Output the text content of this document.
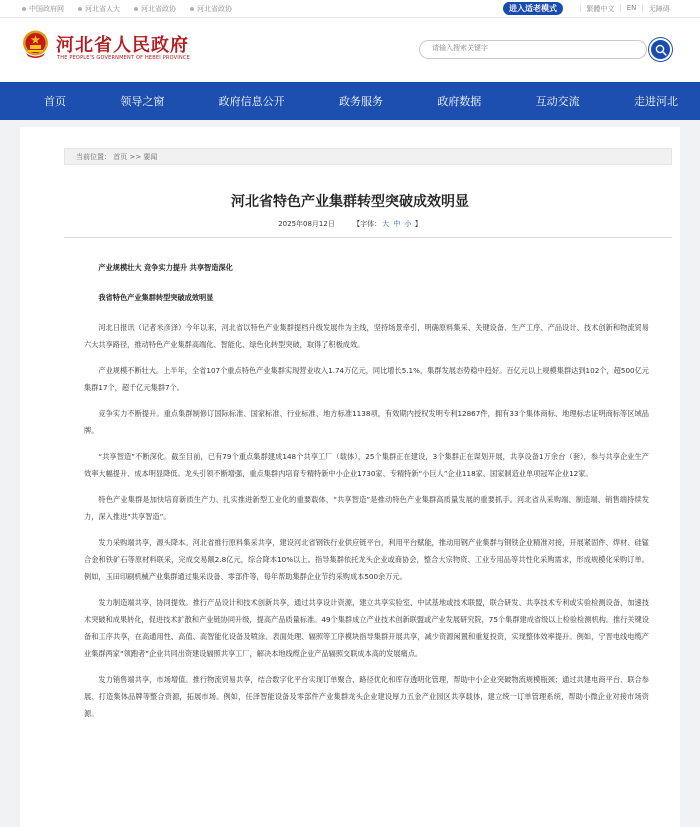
中国政府网	河北省人大	河北省政协	河北省政协	进入适老模式	| 繁體中文 | EN | 无障碍
河北省人民政府
THE PEOPLE'S GOVERNMENT OF HEBEI PROVINCE
请输入搜索关键字
首页	领导之窗	政府信息公开	政务服务	政府数据	互动交流	走进河北
当前位置： 首页 >> 要闻
河北省特色产业集群转型突破成效明显
2025年08月12日	【字体：大 中 小 】

产业规模壮大 竞争实力提升 共享智造深化

我省特色产业集群转型突破成效明显

河北日报讯（记者米彦泽）今年以来，河北省以特色产业集群提档升级发展作为主线，坚持场景牵引，明确原料集采、关键设备、生产工序、产品设计、技术创新和物流贸易六大共享路径，推动特色产业集群高端化、智能化、绿色化转型突破，取得了积极成效。

产业规模不断壮大。上半年，全省107个重点特色产业集群实现营业收入1.74万亿元，同比增长5.1%，集群发展态势稳中趋好。百亿元以上规模集群达到102个，超500亿元集群17个，超千亿元集群7个。

竞争实力不断提升。重点集群制修订国际标准、国家标准、行业标准、地方标准1138项，有效期内授权发明专利12867件，拥有33个集体商标、地理标志证明商标等区域品牌。

“共享智造”不断深化。截至目前，已有79个重点集群建成148个共享工厂（载体），25个集群正在建设，3个集群正在谋划开展，共享设备1万余台（套），参与共享企业生产效率大幅提升、成本明显降低。龙头引领不断增强，重点集群内培育专精特新中小企业1730家、专精特新“小巨人”企业118家、国家制造业单项冠军企业12家。

特色产业集群是加快培育新质生产力、扎实推进新型工业化的重要载体，“共享智造”是推动特色产业集群高质量发展的重要抓手。河北省从采购端、制造端、销售端持续发力，深入推进“共享智造”。

发力采购端共享，源头降本。河北省推行原料集采共享，建设河北省钢铁行业供应链平台，利用平台赋能，推动用钢产业集群与钢铁企业精准对接，开展紧固件、焊材、硅锰合金和铁矿石等原材料联采，完成交易额2.8亿元，综合降本10%以上。指导集群依托龙头企业或商协会，整合大宗物资、工业专用品等共性化采购需求，形成规模化采购订单。例如，玉田印刷机械产业集群通过集采设备、零部件等，每年帮助集群企业节约采购成本500余万元。

发力制造端共享，协同提效。推行产品设计和技术创新共享，通过共享设计资源，建立共享实验室、中试基地或技术联盟，联合研发、共享技术专利或实验检测设备，加速技术突破和成果转化，促进技术扩散和产业链协同升级，提高产品质量标准。49个集群成立产业技术创新联盟或产业发展研究院，75个集群建成省级以上检验检测机构。推行关键设备和工序共享，在高通用性、高值、高智能化设备及喷涂、表面处理、辐照等工序模块指导集群开展共享，减少资源闲置和重复投资，实现整体效率提升。例如，宁晋电线电缆产业集群两家“领跑者”企业共同出资建设辐照共享工厂，解决本地线缆企业产品辐照交联成本高的发展痛点。

发力销售端共享，市场增值。推行物流贸易共享，结合数字化平台实现订单聚合、路径优化和库存透明化管理，帮助中小企业突破物流规模瓶颈；通过共建电商平台、联合参展、打造集体品牌等整合资源，拓展市场。例如，任泽智能设备及零部件产业集群龙头企业建设厚力五金产业园区共享载体，建立统一订单管理系统，帮助小微企业对接市场资源。
